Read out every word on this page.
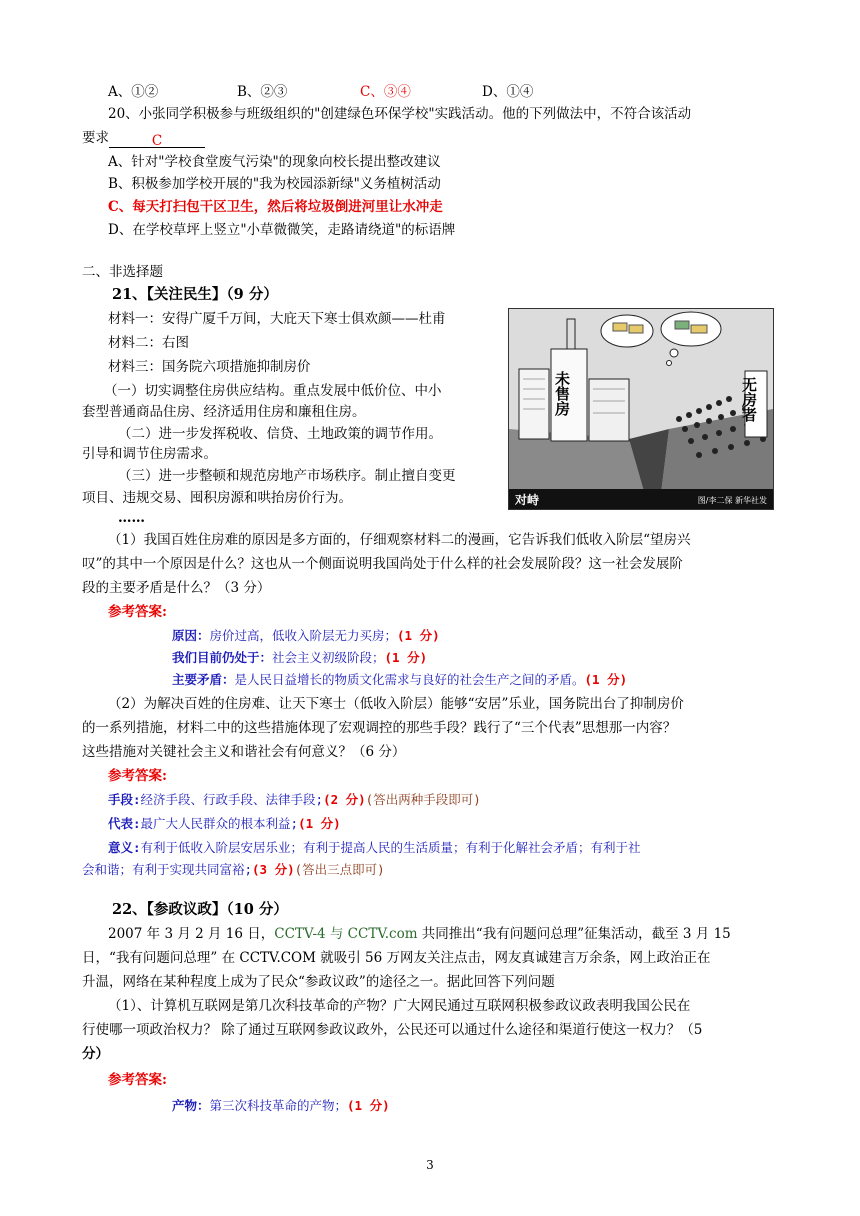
A、①②	B、②③	C、③④	D、①④
20、小张同学积极参与班级组织的"创建绿色环保学校"实践活动。他的下列做法中，不符合该活动
要求	C
A、针对"学校食堂废气污染"的现象向校长提出整改建议
B、积极参加学校开展的"我为校园添新绿"义务植树活动
C、每天打扫包干区卫生，然后将垃圾倒进河里让水冲走
D、在学校草坪上竖立"小草微微笑，走路请绕道"的标语牌
二、非选择题
21、【关注民生】（9 分）
材料一：安得广厦千万间，大庇天下寒士俱欢颜——杜甫
材料二：右图
材料三：国务院六项措施抑制房价
（一）切实调整住房供应结构。重点发展中低价位、中小
套型普通商品住房、经济适用住房和廉租住房。
（二）进一步发挥税收、信贷、土地政策的调节作用。
引导和调节住房需求。
（三）进一步整顿和规范房地产市场秩序。制止擅自变更
项目、违规交易、囤积房源和哄抬房价行为。
……
未售房	无房者
对峙	图/李二保 新华社发
（1）我国百姓住房难的原因是多方面的，仔细观察材料二的漫画，它告诉我们低收入阶层“望房兴
叹”的其中一个原因是什么？这也从一个侧面说明我国尚处于什么样的社会发展阶段？这一社会发展阶
段的主要矛盾是什么？（3 分）
参考答案:
原因：房价过高，低收入阶层无力买房；(1 分)
我们目前仍处于：社会主义初级阶段；(1 分)
主要矛盾：是人民日益增长的物质文化需求与良好的社会生产之间的矛盾。(1 分)
（2）为解决百姓的住房难、让天下寒士（低收入阶层）能够“安居”乐业，国务院出台了抑制房价
的一系列措施，材料二中的这些措施体现了宏观调控的那些手段？践行了“三个代表”思想那一内容？
这些措施对关键社会主义和谐社会有何意义？（6 分）
参考答案:
手段:经济手段、行政手段、法律手段;(2 分)(答出两种手段即可)
代表:最广大人民群众的根本利益;(1 分)
意义:有利于低收入阶层安居乐业；有利于提高人民的生活质量；有利于化解社会矛盾；有利于社
会和谐；有利于实现共同富裕;(3 分)(答出三点即可)
22、【参政议政】（10 分）
2007 年 3 月 2 月 16 日，CCTV-4 与 CCTV.com 共同推出“我有问题问总理”征集活动，截至 3 月 15
日，“我有问题问总理” 在 CCTV.COM 就吸引 56 万网友关注点击，网友真诚建言万余条，网上政治正在
升温，网络在某种程度上成为了民众“参政议政”的途径之一。据此回答下列问题
（1）、计算机互联网是第几次科技革命的产物？广大网民通过互联网积极参政议政表明我国公民在
行使哪一项政治权力？ 除了通过互联网参政议政外，公民还可以通过什么途径和渠道行使这一权力？（5
分）
参考答案:
产物：第三次科技革命的产物；(1 分)
3
